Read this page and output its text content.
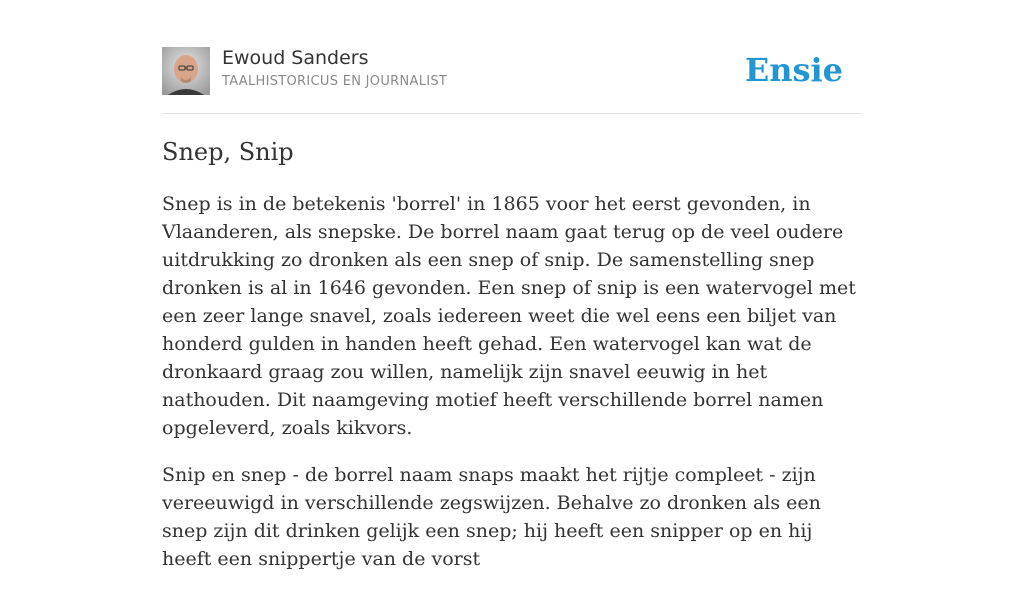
Ewoud Sanders
TAALHISTORICUS EN JOURNALIST	Ensie
Snep, Snip

Snep is in de betekenis 'borrel' in 1865 voor het eerst gevonden, in Vlaanderen, als snepske. De borrel naam gaat terug op de veel oudere uitdrukking zo dronken als een snep of snip. De samenstelling snep dronken is al in 1646 gevonden. Een snep of snip is een watervogel met een zeer lange snavel, zoals iedereen weet die wel eens een biljet van honderd gulden in handen heeft gehad. Een watervogel kan wat de dronkaard graag zou willen, namelijk zijn snavel eeuwig in het nathouden. Dit naamgeving motief heeft verschillende borrel namen opgeleverd, zoals kikvors.

Snip en snep - de borrel naam snaps maakt het rijtje compleet - zijn vereeuwigd in verschillende zegswijzen. Behalve zo dronken als een snep zijn dit drinken gelijk een snep; hij heeft een snipper op en hij heeft een snippertje van de vorst
